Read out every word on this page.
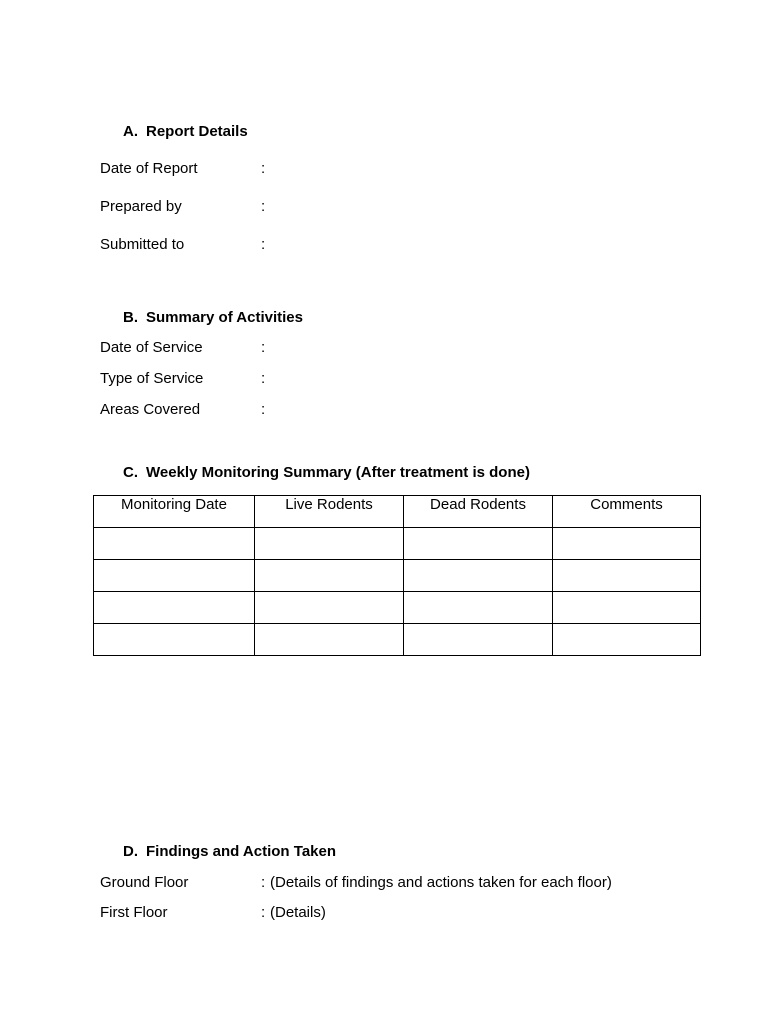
A. Report Details
Date of Report	:
Prepared by	:
Submitted to	:
B. Summary of Activities
Date of Service	:
Type of Service	:
Areas Covered	:
C. Weekly Monitoring Summary (After treatment is done)
Monitoring Date	Live Rodents	Dead Rodents	Comments

D. Findings and Action Taken
Ground Floor	: (Details of findings and actions taken for each floor)
First Floor	: (Details)
